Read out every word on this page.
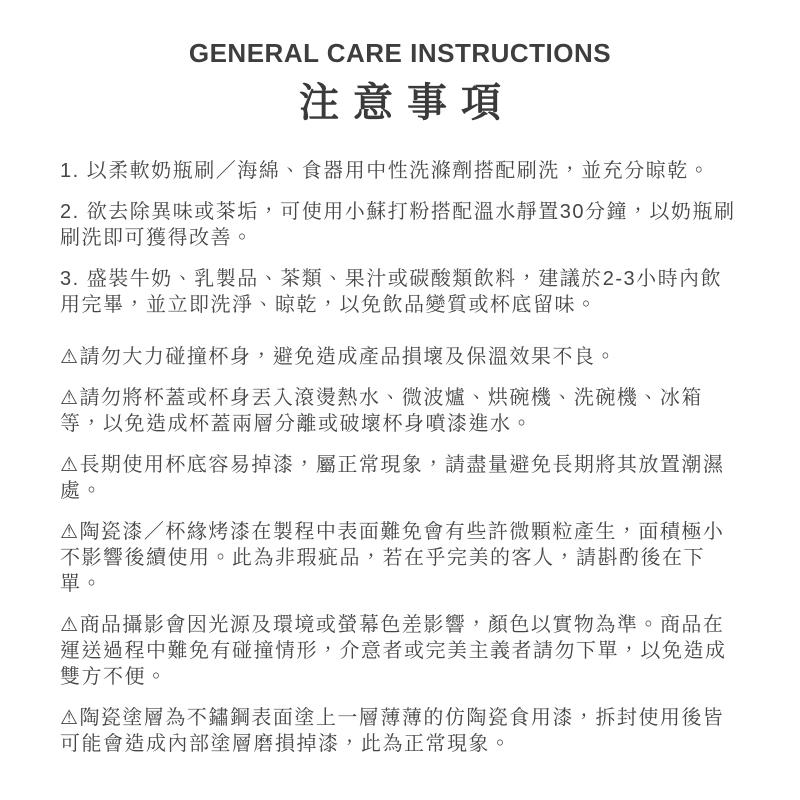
GENERAL CARE INSTRUCTIONS
注意事項

1. 以柔軟奶瓶刷／海綿、食器用中性洗滌劑搭配刷洗，並充分晾乾。

2. 欲去除異味或茶垢，可使用小蘇打粉搭配溫水靜置30分鐘，以奶瓶刷刷洗即可獲得改善。

3. 盛裝牛奶、乳製品、茶類、果汁或碳酸類飲料，建議於2-3小時內飲用完畢，並立即洗淨、晾乾，以免飲品變質或杯底留味。

⚠請勿大力碰撞杯身，避免造成產品損壞及保溫效果不良。

⚠請勿將杯蓋或杯身丟入滾燙熱水、微波爐、烘碗機、洗碗機、冰箱等，以免造成杯蓋兩層分離或破壞杯身噴漆進水。

⚠長期使用杯底容易掉漆，屬正常現象，請盡量避免長期將其放置潮濕處。

⚠陶瓷漆／杯緣烤漆在製程中表面難免會有些許微顆粒產生，面積極小不影響後續使用。此為非瑕疵品，若在乎完美的客人，請斟酌後在下單。

⚠商品攝影會因光源及環境或螢幕色差影響，顏色以實物為準。商品在運送過程中難免有碰撞情形，介意者或完美主義者請勿下單，以免造成雙方不便。

⚠陶瓷塗層為不鏽鋼表面塗上一層薄薄的仿陶瓷食用漆，拆封使用後皆可能會造成內部塗層磨損掉漆，此為正常現象。
